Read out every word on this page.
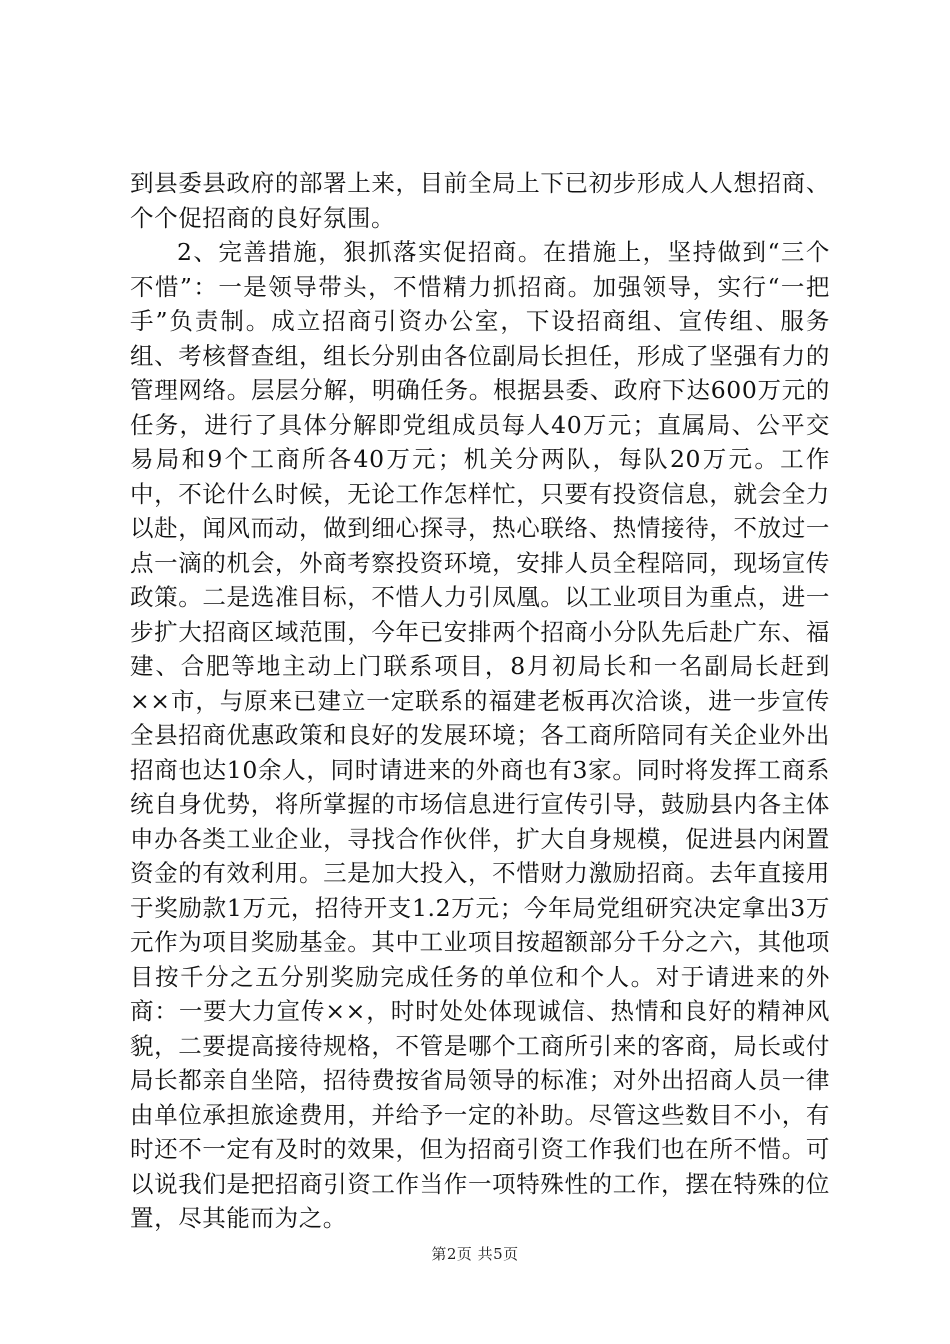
到县委县政府的部署上来，目前全局上下已初步形成人人想招商、个个促招商的良好氛围。

2、完善措施，狠抓落实促招商。在措施上，坚持做到“三个不惜”：一是领导带头，不惜精力抓招商。加强领导，实行“一把手”负责制。成立招商引资办公室，下设招商组、宣传组、服务组、考核督查组，组长分别由各位副局长担任，形成了坚强有力的管理网络。层层分解，明确任务。根据县委、政府下达600万元的任务，进行了具体分解即党组成员每人40万元；直属局、公平交易局和9个工商所各40万元；机关分两队，每队20万元。工作中，不论什么时候，无论工作怎样忙，只要有投资信息，就会全力以赴，闻风而动，做到细心探寻，热心联络、热情接待，不放过一点一滴的机会，外商考察投资环境，安排人员全程陪同，现场宣传政策。二是选准目标，不惜人力引凤凰。以工业项目为重点，进一步扩大招商区域范围，今年已安排两个招商小分队先后赴广东、福建、合肥等地主动上门联系项目，8月初局长和一名副局长赶到××市，与原来已建立一定联系的福建老板再次洽谈，进一步宣传全县招商优惠政策和良好的发展环境；各工商所陪同有关企业外出招商也达10余人，同时请进来的外商也有3家。同时将发挥工商系统自身优势，将所掌握的市场信息进行宣传引导，鼓励县内各主体申办各类工业企业，寻找合作伙伴，扩大自身规模，促进县内闲置资金的有效利用。三是加大投入，不惜财力激励招商。去年直接用于奖励款1万元，招待开支1.2万元；今年局党组研究决定拿出3万元作为项目奖励基金。其中工业项目按超额部分千分之六，其他项目按千分之五分别奖励完成任务的单位和个人。对于请进来的外商：一要大力宣传××，时时处处体现诚信、热情和良好的精神风貌，二要提高接待规格，不管是哪个工商所引来的客商，局长或付局长都亲自坐陪，招待费按省局领导的标准；对外出招商人员一律由单位承担旅途费用，并给予一定的补助。尽管这些数目不小，有时还不一定有及时的效果，但为招商引资工作我们也在所不惜。可以说我们是把招商引资工作当作一项特殊性的工作，摆在特殊的位置，尽其能而为之。

第2页 共5页
